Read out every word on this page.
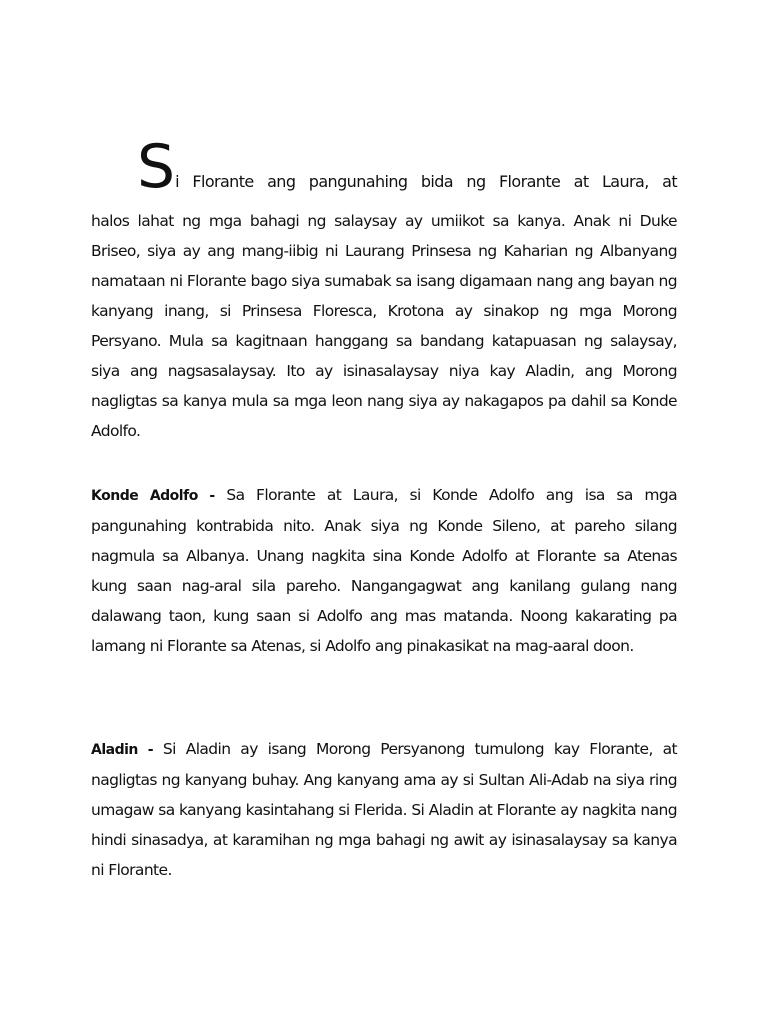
Si Florante ang pangunahing bida ng Florante at Laura, at
halos lahat ng mga bahagi ng salaysay ay umiikot sa kanya. Anak ni Duke Briseo, siya ay ang mang-iibig ni Laurang Prinsesa ng Kaharian ng Albanyang namataan ni Florante bago siya sumabak sa isang digamaan nang ang bayan ng kanyang inang, si Prinsesa Floresca, Krotona ay sinakop ng mga Morong Persyano. Mula sa kagitnaan hanggang sa bandang katapuasan ng salaysay, siya ang nagsasalaysay. Ito ay isinasalaysay niya kay Aladin, ang Morong nagligtas sa kanya mula sa mga leon nang siya ay nakagapos pa dahil sa Konde Adolfo.

Konde Adolfo - Sa Florante at Laura, si Konde Adolfo ang isa sa mga pangunahing kontrabida nito. Anak siya ng Konde Sileno, at pareho silang nagmula sa Albanya. Unang nagkita sina Konde Adolfo at Florante sa Atenas kung saan nag-aral sila pareho. Nangangagwat ang kanilang gulang nang dalawang taon, kung saan si Adolfo ang mas matanda. Noong kakarating pa lamang ni Florante sa Atenas, si Adolfo ang pinakasikat na mag-aaral doon.

Aladin - Si Aladin ay isang Morong Persyanong tumulong kay Florante, at nagligtas ng kanyang buhay. Ang kanyang ama ay si Sultan Ali-Adab na siya ring umagaw sa kanyang kasintahang si Flerida. Si Aladin at Florante ay nagkita nang hindi sinasadya, at karamihan ng mga bahagi ng awit ay isinasalaysay sa kanya ni Florante.
